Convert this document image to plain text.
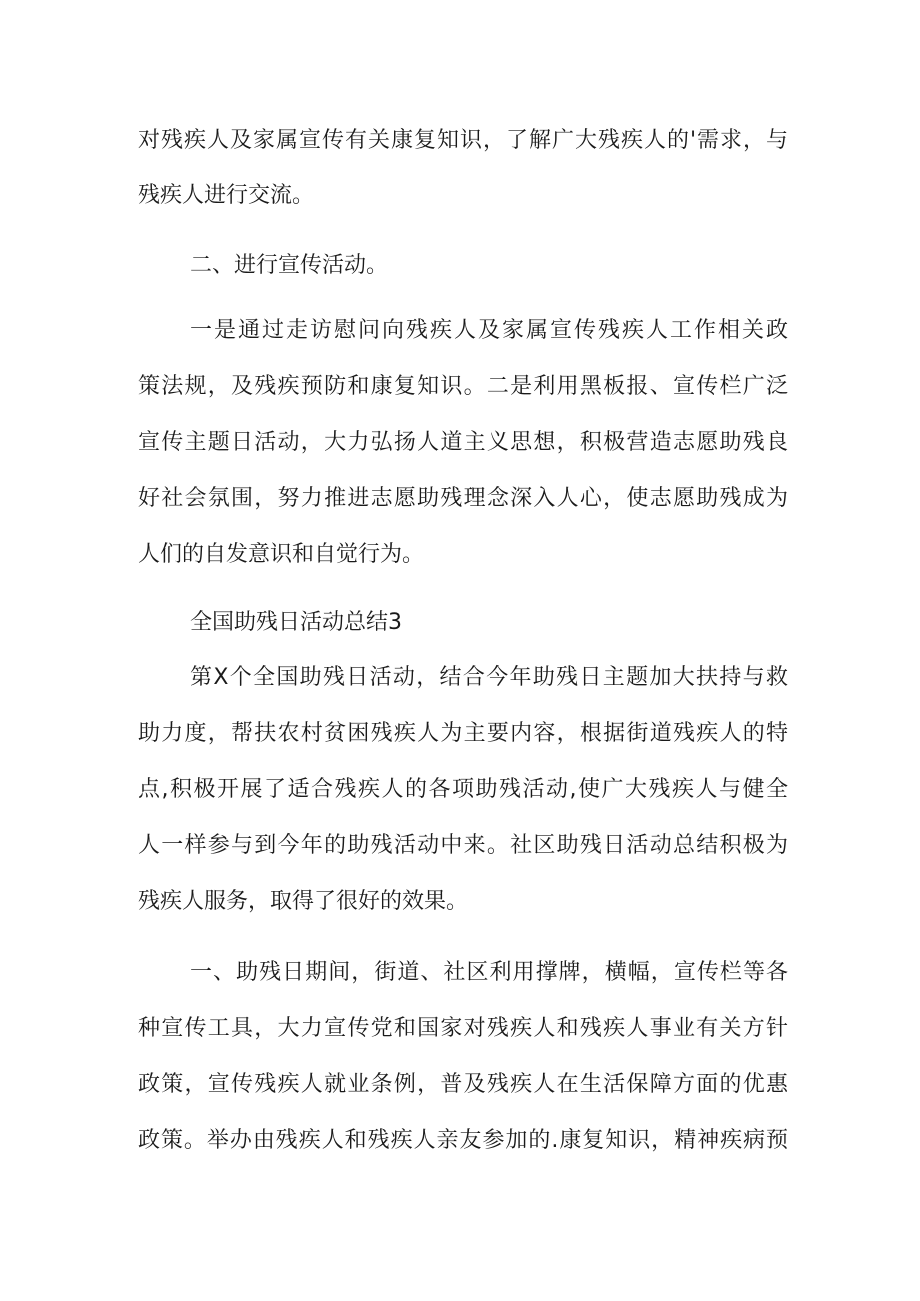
对残疾人及家属宣传有关康复知识，了解广大残疾人的'需求，与
残疾人进行交流。
二、进行宣传活动。
一是通过走访慰问向残疾人及家属宣传残疾人工作相关政
策法规，及残疾预防和康复知识。二是利用黑板报、宣传栏广泛
宣传主题日活动，大力弘扬人道主义思想，积极营造志愿助残良
好社会氛围，努力推进志愿助残理念深入人心，使志愿助残成为
人们的自发意识和自觉行为。
全国助残日活动总结3
第X个全国助残日活动，结合今年助残日主题加大扶持与救
助力度，帮扶农村贫困残疾人为主要内容，根据街道残疾人的特
点,积极开展了适合残疾人的各项助残活动,使广大残疾人与健全
人一样参与到今年的助残活动中来。社区助残日活动总结积极为
残疾人服务，取得了很好的效果。
一、助残日期间，街道、社区利用撑牌，横幅，宣传栏等各
种宣传工具，大力宣传党和国家对残疾人和残疾人事业有关方针
政策，宣传残疾人就业条例，普及残疾人在生活保障方面的优惠
政策。举办由残疾人和残疾人亲友参加的.康复知识，精神疾病预
